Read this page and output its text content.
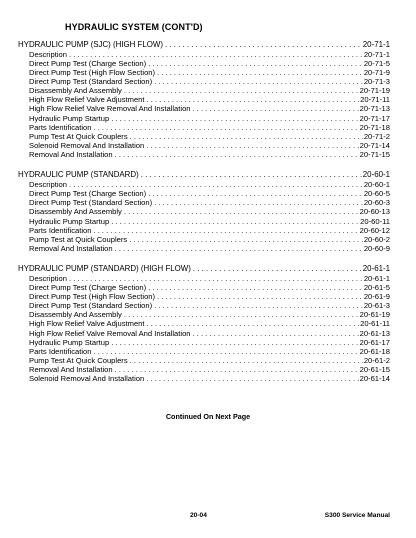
HYDRAULIC SYSTEM (CONT'D)
HYDRAULIC PUMP (SJC) (HIGH FLOW) . . .	20-71-1
Description . . .	20-71-1
Direct Pump Test (Charge Section) . . .	20-71-5
Direct Pump Test (High Flow Section) . . .	20-71-9
Direct Pump Test (Standard Section) . . .	20-71-3
Disassembly And Assembly . . .	20-71-19
High Flow Relief Valve Adjustment . . .	20-71-11
High Flow Relief Valve Removal And Installation . . .	20-71-13
Hydraulic Pump Startup . . .	20-71-17
Parts Identification . . .	20-71-18
Pump Test At Quick Couplers . . .	20-71-2
Solenoid Removal And Installation . . .	20-71-14
Removal And Installation . . .	20-71-15
HYDRAULIC PUMP (STANDARD) . . .	20-60-1
Description . . .	20-60-1
Direct Pump Test (Charge Section) . . .	20-60-5
Direct Pump Test (Standard Section) . . .	20-60-3
Disassembly And Assembly . . .	20-60-13
Hydraulic Pump Startup . . .	20-60-11
Parts Identification . . .	20-60-12
Pump Test at Quick Couplers . . .	20-60-2
Removal And Installation . . .	20-60-9
HYDRAULIC PUMP (STANDARD) (HIGH FLOW) . . .	20-61-1
Description . . .	20-61-1
Direct Pump Test (Charge Section) . . .	20-61-5
Direct Pump Test (High Flow Section) . . .	20-61-9
Direct Pump Test (Standard Section) . . .	20-61-3
Disassembly And Assembly . . .	20-61-19
High Flow Relief Valve Adjustment . . .	20-61-11
High Flow Relief Valve Removal And Installation . . .	20-61-13
Hydraulic Pump Startup . . .	20-61-17
Parts Identification . . .	20-61-18
Pump Test At Quick Couplers . . .	20-61-2
Removal And Installation . . .	20-61-15
Solenoid Removal And Installation . . .	20-61-14
Continued On Next Page
20-04	S300 Service Manual
